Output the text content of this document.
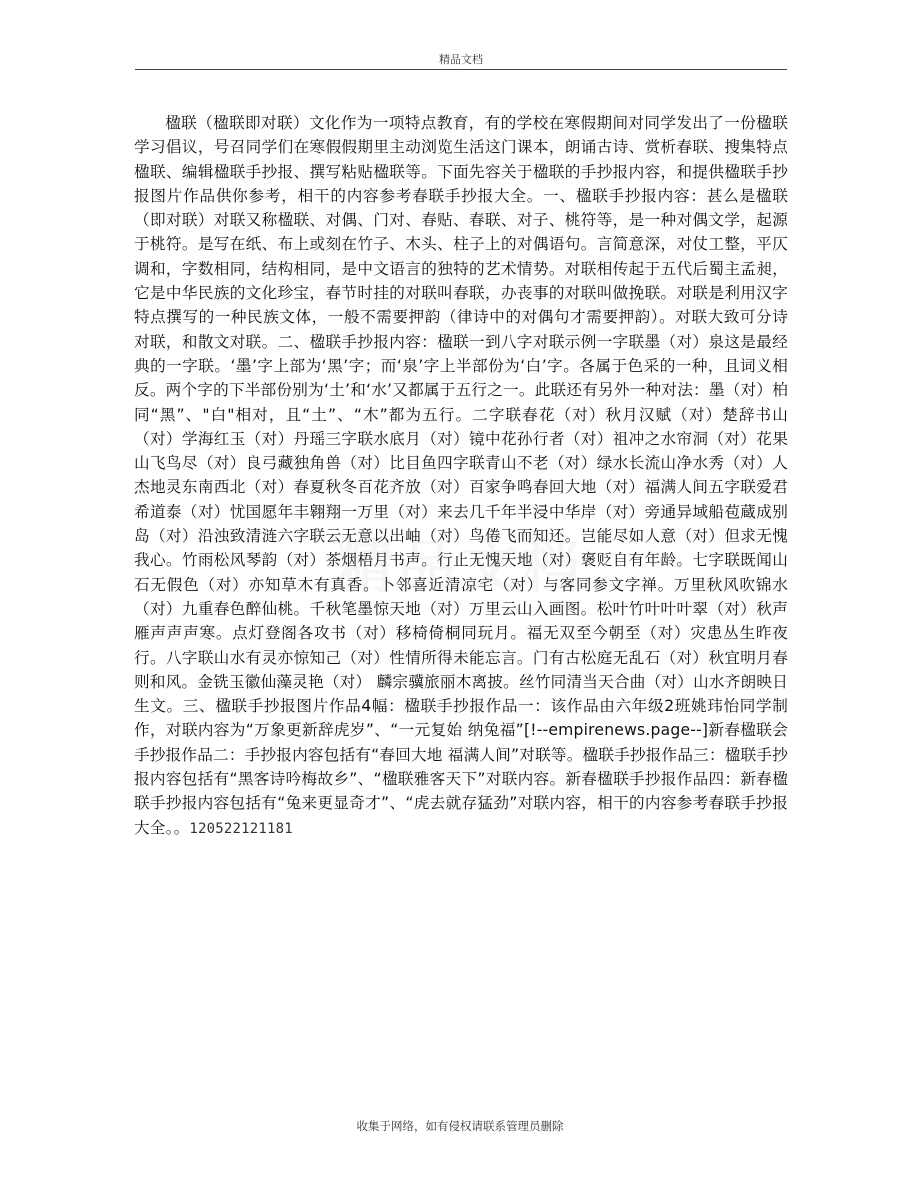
精品文档

楹联（楹联即对联）文化作为一项特点教育，有的学校在寒假期间对同学发出了一份楹联学习倡议，号召同学们在寒假假期里主动浏览生活这门课本，朗诵古诗、赏析春联、搜集特点楹联、编辑楹联手抄报、撰写粘贴楹联等。下面先容关于楹联的手抄报内容，和提供楹联手抄报图片作品供你参考，相干的内容参考春联手抄报大全。一、楹联手抄报内容：甚么是楹联（即对联）对联又称楹联、对偶、门对、春贴、春联、对子、桃符等，是一种对偶文学，起源于桃符。是写在纸、布上或刻在竹子、木头、柱子上的对偶语句。言简意深，对仗工整，平仄调和，字数相同，结构相同，是中文语言的独特的艺术情势。对联相传起于五代后蜀主孟昶，它是中华民族的文化珍宝，春节时挂的对联叫春联，办丧事的对联叫做挽联。对联是利用汉字特点撰写的一种民族文体，一般不需要押韵（律诗中的对偶句才需要押韵）。对联大致可分诗对联，和散文对联。二、楹联手抄报内容：楹联一到八字对联示例一字联墨（对）泉这是最经典的一字联。‘墨’字上部为‘黑’字；而‘泉’字上半部份为‘白’字。各属于色采的一种，且词义相反。两个字的下半部份别为‘土’和‘水’又都属于五行之一。此联还有另外一种对法：墨（对）柏同“黑”、"白"相对，且“土”、“木”都为五行。二字联春花（对）秋月汉赋（对）楚辞书山（对）学海红玉（对）丹瑶三字联水底月（对）镜中花孙行者（对）祖冲之水帘洞（对）花果山飞鸟尽（对）良弓藏独角兽（对）比目鱼四字联青山不老（对）绿水长流山净水秀（对）人杰地灵东南西北（对）春夏秋冬百花齐放（对）百家争鸣春回大地（对）福满人间五字联爱君希道泰（对）忧国愿年丰翱翔一万里（对）来去几千年半浸中华岸（对）旁通异域船苞蔵成别岛（对）沿浊致清涟六字联云无意以出岫（对）鸟倦飞而知还。岂能尽如人意（对）但求无愧我心。竹雨松风琴韵（对）茶烟梧月书声。行止无愧天地（对）褒贬自有年龄。七字联既闻山石无假色（对）亦知草木有真香。卜邻喜近清凉宅（对）与客同参文字禅。万里秋风吹锦水（对）九重春色醉仙桃。千秋笔墨惊天地（对）万里云山入画图。松叶竹叶叶叶翠（对）秋声雁声声声寒。点灯登阁各攻书（对）移椅倚桐同玩月。福无双至今朝至（对）灾患丛生昨夜行。八字联山水有灵亦惊知己（对）性情所得未能忘言。门有古松庭无乱石（对）秋宜明月春则和风。金铣玉徽仙藻灵艳（对） 麟宗骥旅丽木离披。丝竹同清当天合曲（对）山水齐朗映日生文。三、楹联手抄报图片作品4幅：楹联手抄报作品一：该作品由六年级2班姚玮怡同学制作，对联内容为“万象更新辞虎岁”、“一元复始 纳兔福”[!--empirenews.page--]新春楹联会手抄报作品二：手抄报内容包括有“春回大地 福满人间”对联等。楹联手抄报作品三：楹联手抄报内容包括有“黑客诗吟梅故乡”、“楹联雅客天下”对联内容。新春楹联手抄报作品四：新春楹联手抄报内容包括有“兔来更显奇才”、“虎去就存猛劲”对联内容，相干的内容参考春联手抄报大全。。120522121181

收集于网络，如有侵权请联系管理员删除
